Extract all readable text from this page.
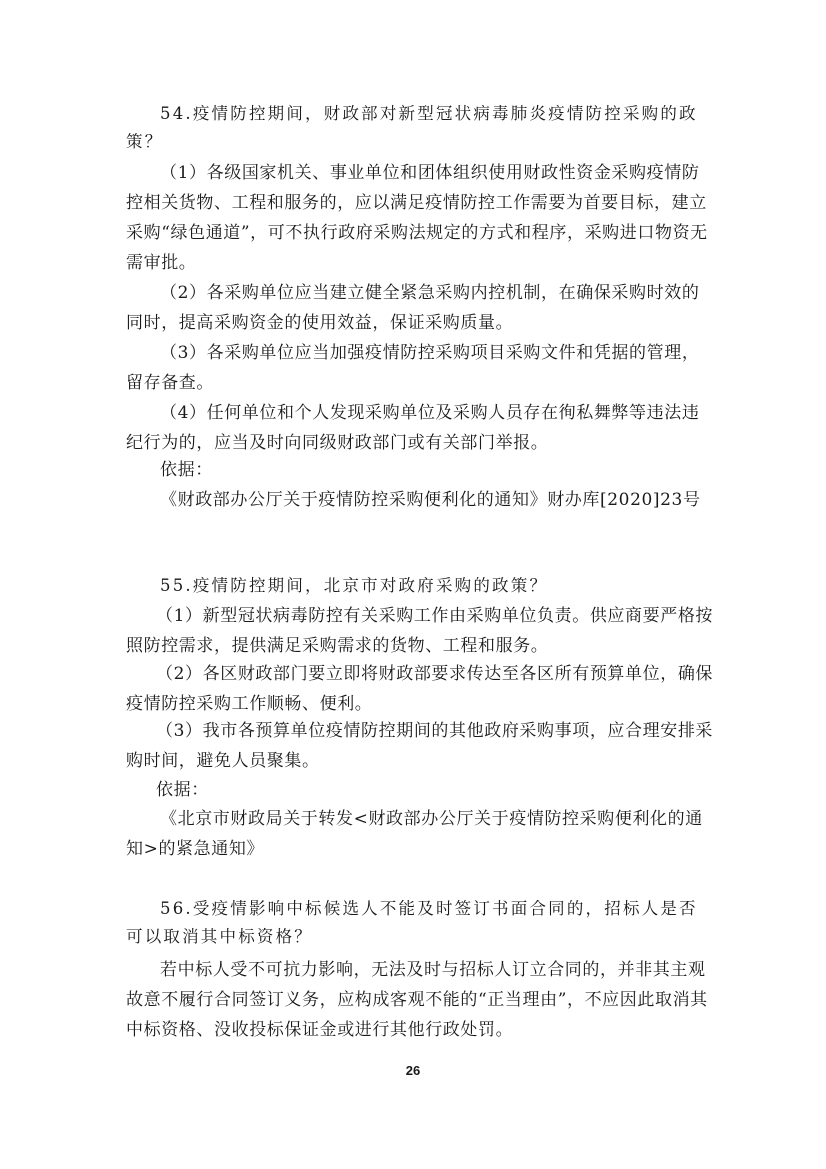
54.疫情防控期间，财政部对新型冠状病毒肺炎疫情防控采购的政策？
（1）各级国家机关、事业单位和团体组织使用财政性资金采购疫情防控相关货物、工程和服务的，应以满足疫情防控工作需要为首要目标，建立采购“绿色通道”，可不执行政府采购法规定的方式和程序，采购进口物资无需审批。
（2）各采购单位应当建立健全紧急采购内控机制，在确保采购时效的同时，提高采购资金的使用效益，保证采购质量。
（3）各采购单位应当加强疫情防控采购项目采购文件和凭据的管理，留存备查。
（4）任何单位和个人发现采购单位及采购人员存在徇私舞弊等违法违纪行为的，应当及时向同级财政部门或有关部门举报。
依据：
《财政部办公厅关于疫情防控采购便利化的通知》财办库[2020]23号
55.疫情防控期间，北京市对政府采购的政策？
（1）新型冠状病毒防控有关采购工作由采购单位负责。供应商要严格按照防控需求，提供满足采购需求的货物、工程和服务。
（2）各区财政部门要立即将财政部要求传达至各区所有预算单位，确保疫情防控采购工作顺畅、便利。
（3）我市各预算单位疫情防控期间的其他政府采购事项，应合理安排采购时间，避免人员聚集。
依据：
《北京市财政局关于转发<财政部办公厅关于疫情防控采购便利化的通知>的紧急通知》
56.受疫情影响中标候选人不能及时签订书面合同的，招标人是否可以取消其中标资格？
若中标人受不可抗力影响，无法及时与招标人订立合同的，并非其主观故意不履行合同签订义务，应构成客观不能的“正当理由”，不应因此取消其中标资格、没收投标保证金或进行其他行政处罚。
26
